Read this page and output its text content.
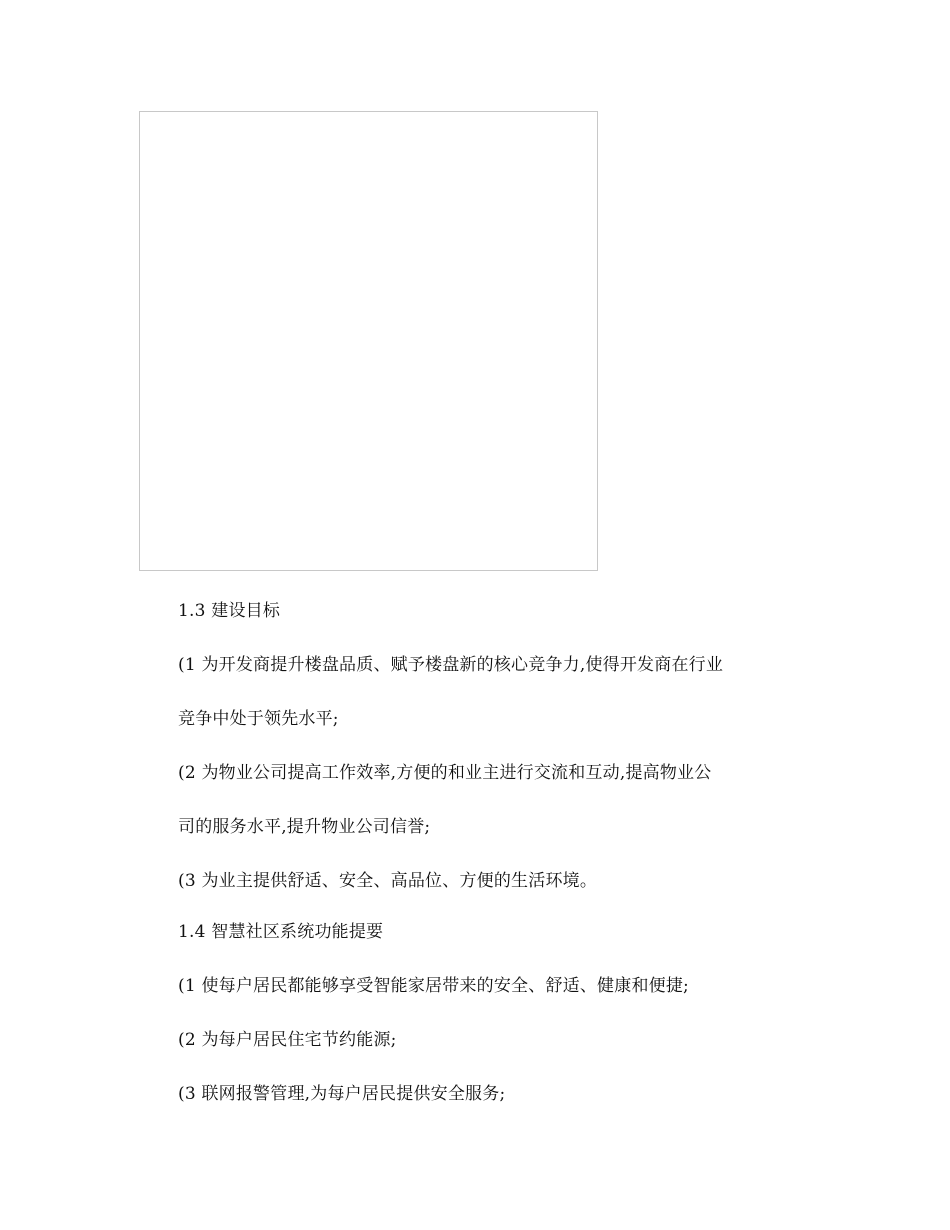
1.3 建设目标
(1 为开发商提升楼盘品质、赋予楼盘新的核心竞争力,使得开发商在行业
竞争中处于领先水平;
(2 为物业公司提高工作效率,方便的和业主进行交流和互动,提高物业公
司的服务水平,提升物业公司信誉;
(3 为业主提供舒适、安全、高品位、方便的生活环境。
1.4 智慧社区系统功能提要
(1 使每户居民都能够享受智能家居带来的安全、舒适、健康和便捷;
(2 为每户居民住宅节约能源;
(3 联网报警管理,为每户居民提供安全服务;
